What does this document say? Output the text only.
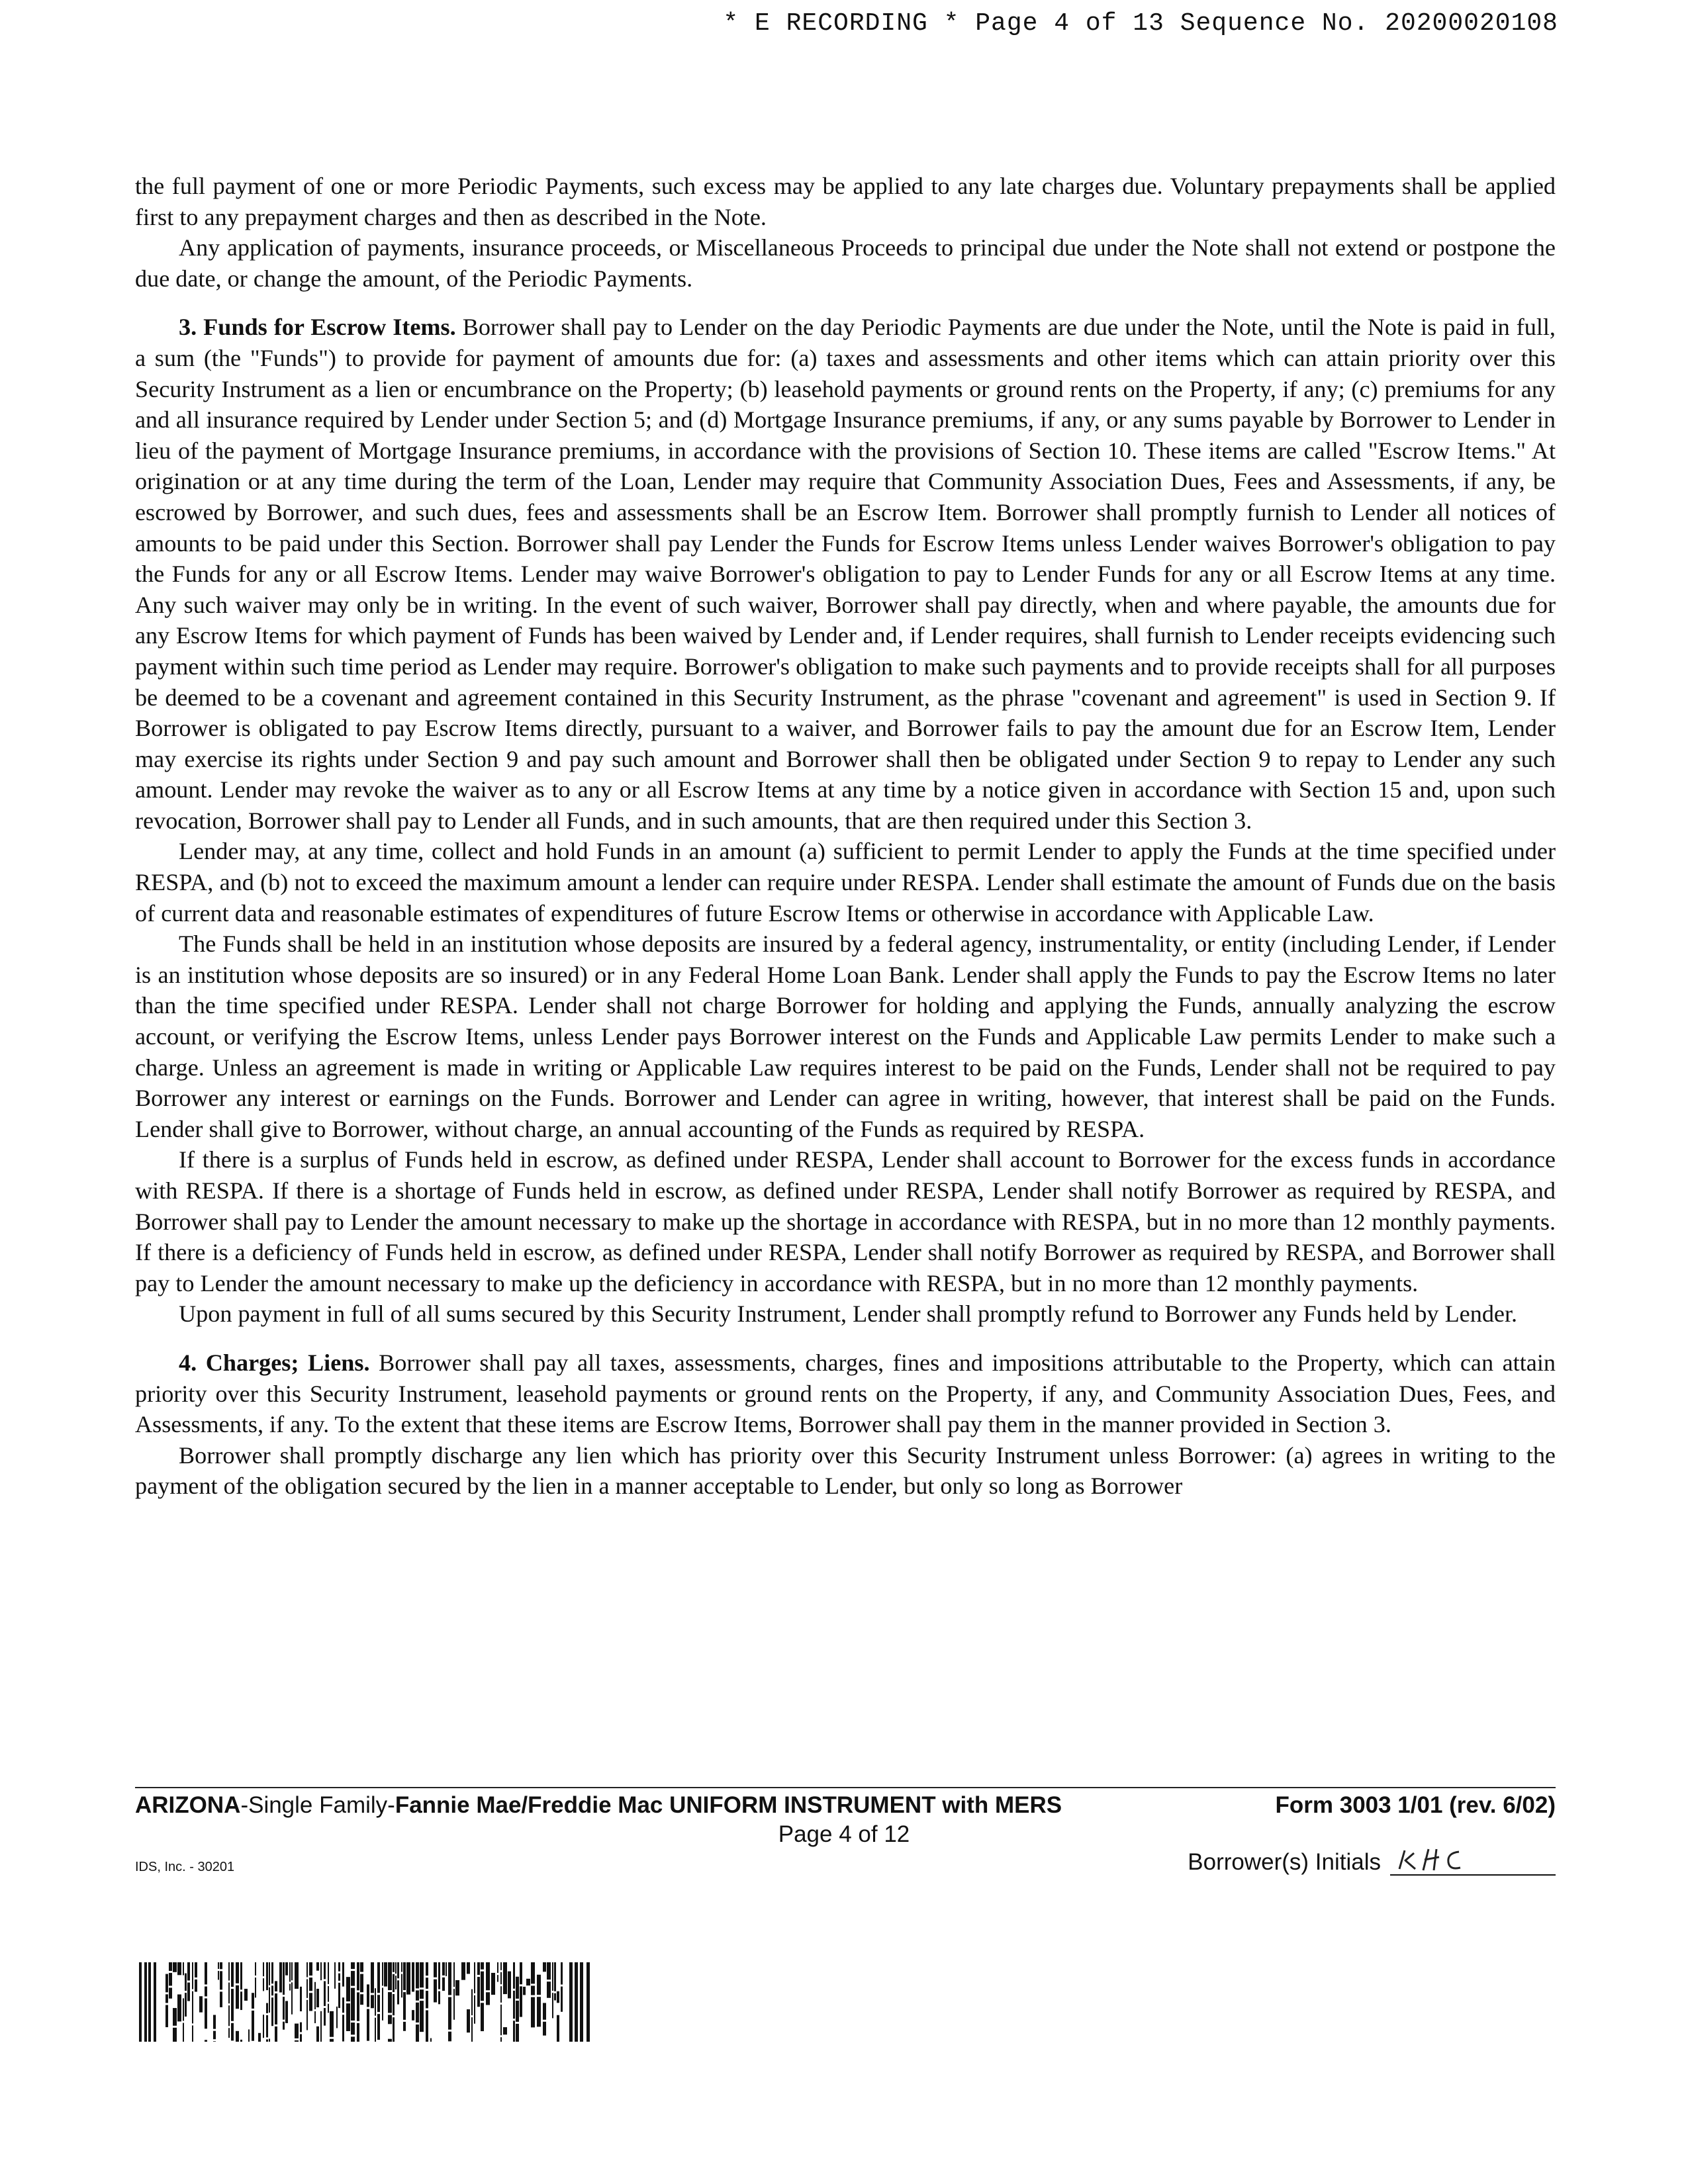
* E RECORDING * Page 4 of 13 Sequence No. 20200020108

the full payment of one or more Periodic Payments, such excess may be applied to any late charges due. Voluntary prepayments shall be applied first to any prepayment charges and then as described in the Note.

Any application of payments, insurance proceeds, or Miscellaneous Proceeds to principal due under the Note shall not extend or postpone the due date, or change the amount, of the Periodic Payments.

3. Funds for Escrow Items. Borrower shall pay to Lender on the day Periodic Payments are due under the Note, until the Note is paid in full, a sum (the "Funds") to provide for payment of amounts due for: (a) taxes and assessments and other items which can attain priority over this Security Instrument as a lien or encumbrance on the Property; (b) leasehold payments or ground rents on the Property, if any; (c) premiums for any and all insurance required by Lender under Section 5; and (d) Mortgage Insurance premiums, if any, or any sums payable by Borrower to Lender in lieu of the payment of Mortgage Insurance premiums, in accordance with the provisions of Section 10. These items are called "Escrow Items." At origination or at any time during the term of the Loan, Lender may require that Community Association Dues, Fees and Assessments, if any, be escrowed by Borrower, and such dues, fees and assessments shall be an Escrow Item. Borrower shall promptly furnish to Lender all notices of amounts to be paid under this Section. Borrower shall pay Lender the Funds for Escrow Items unless Lender waives Borrower's obligation to pay the Funds for any or all Escrow Items. Lender may waive Borrower's obligation to pay to Lender Funds for any or all Escrow Items at any time. Any such waiver may only be in writing. In the event of such waiver, Borrower shall pay directly, when and where payable, the amounts due for any Escrow Items for which payment of Funds has been waived by Lender and, if Lender requires, shall furnish to Lender receipts evidencing such payment within such time period as Lender may require. Borrower's obligation to make such payments and to provide receipts shall for all purposes be deemed to be a covenant and agreement contained in this Security Instrument, as the phrase "covenant and agreement" is used in Section 9. If Borrower is obligated to pay Escrow Items directly, pursuant to a waiver, and Borrower fails to pay the amount due for an Escrow Item, Lender may exercise its rights under Section 9 and pay such amount and Borrower shall then be obligated under Section 9 to repay to Lender any such amount. Lender may revoke the waiver as to any or all Escrow Items at any time by a notice given in accordance with Section 15 and, upon such revocation, Borrower shall pay to Lender all Funds, and in such amounts, that are then required under this Section 3.

Lender may, at any time, collect and hold Funds in an amount (a) sufficient to permit Lender to apply the Funds at the time specified under RESPA, and (b) not to exceed the maximum amount a lender can require under RESPA. Lender shall estimate the amount of Funds due on the basis of current data and reasonable estimates of expenditures of future Escrow Items or otherwise in accordance with Applicable Law.

The Funds shall be held in an institution whose deposits are insured by a federal agency, instrumentality, or entity (including Lender, if Lender is an institution whose deposits are so insured) or in any Federal Home Loan Bank. Lender shall apply the Funds to pay the Escrow Items no later than the time specified under RESPA. Lender shall not charge Borrower for holding and applying the Funds, annually analyzing the escrow account, or verifying the Escrow Items, unless Lender pays Borrower interest on the Funds and Applicable Law permits Lender to make such a charge. Unless an agreement is made in writing or Applicable Law requires interest to be paid on the Funds, Lender shall not be required to pay Borrower any interest or earnings on the Funds. Borrower and Lender can agree in writing, however, that interest shall be paid on the Funds. Lender shall give to Borrower, without charge, an annual accounting of the Funds as required by RESPA.

If there is a surplus of Funds held in escrow, as defined under RESPA, Lender shall account to Borrower for the excess funds in accordance with RESPA. If there is a shortage of Funds held in escrow, as defined under RESPA, Lender shall notify Borrower as required by RESPA, and Borrower shall pay to Lender the amount necessary to make up the shortage in accordance with RESPA, but in no more than 12 monthly payments. If there is a deficiency of Funds held in escrow, as defined under RESPA, Lender shall notify Borrower as required by RESPA, and Borrower shall pay to Lender the amount necessary to make up the deficiency in accordance with RESPA, but in no more than 12 monthly payments.

Upon payment in full of all sums secured by this Security Instrument, Lender shall promptly refund to Borrower any Funds held by Lender.

4. Charges; Liens. Borrower shall pay all taxes, assessments, charges, fines and impositions attributable to the Property, which can attain priority over this Security Instrument, leasehold payments or ground rents on the Property, if any, and Community Association Dues, Fees, and Assessments, if any. To the extent that these items are Escrow Items, Borrower shall pay them in the manner provided in Section 3.

Borrower shall promptly discharge any lien which has priority over this Security Instrument unless Borrower: (a) agrees in writing to the payment of the obligation secured by the lien in a manner acceptable to Lender, but only so long as Borrower

ARIZONA-Single Family-Fannie Mae/Freddie Mac UNIFORM INSTRUMENT with MERS	Form 3003 1/01 (rev. 6/02)
Page 4 of 12
IDS, Inc. - 30201	Borrower(s) Initials
